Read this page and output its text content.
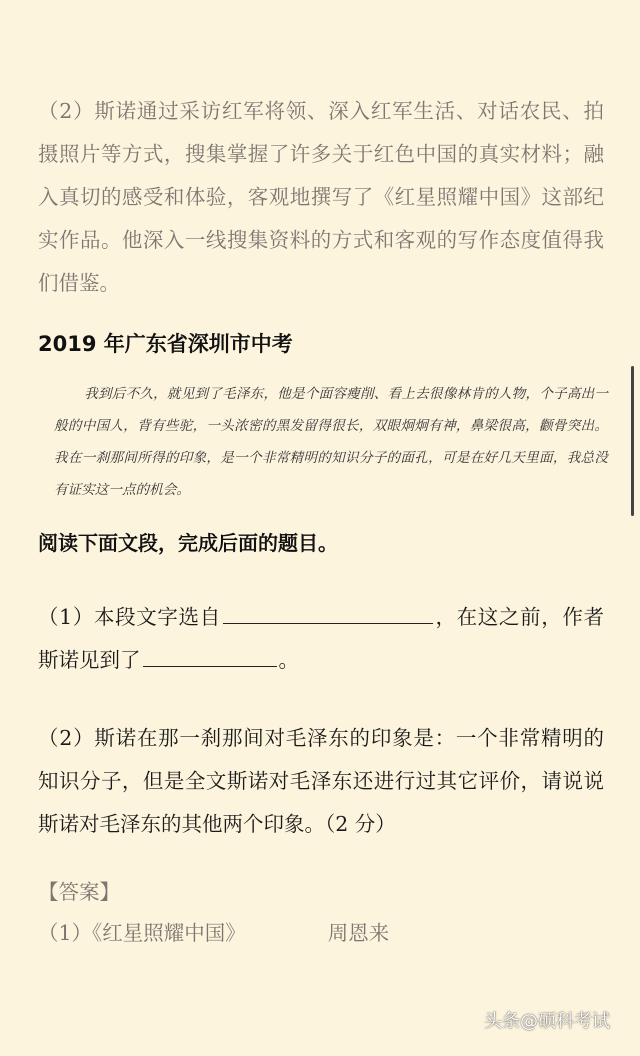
（2）斯诺通过采访红军将领、深入红军生活、对话农民、拍摄照片等方式，搜集掌握了许多关于红色中国的真实材料；融入真切的感受和体验，客观地撰写了《红星照耀中国》这部纪实作品。他深入一线搜集资料的方式和客观的写作态度值得我们借鉴。
2019 年广东省深圳市中考
我到后不久，就见到了毛泽东，他是个面容瘦削、看上去很像林肯的人物，个子高出一般的中国人，背有些驼，一头浓密的黑发留得很长，双眼炯炯有神，鼻梁很高，颧骨突出。我在一刹那间所得的印象，是一个非常精明的知识分子的面孔，可是在好几天里面，我总没有证实这一点的机会。
阅读下面文段，完成后面的题目。
（1）本段文字选自	，在这之前，作者斯诺见到了	。
（2）斯诺在那一刹那间对毛泽东的印象是：一个非常精明的知识分子，但是全文斯诺对毛泽东还进行过其它评价，请说说斯诺对毛泽东的其他两个印象。（2 分）
【答案】
（1）《红星照耀中国》	周恩来
头条@硕科考试
